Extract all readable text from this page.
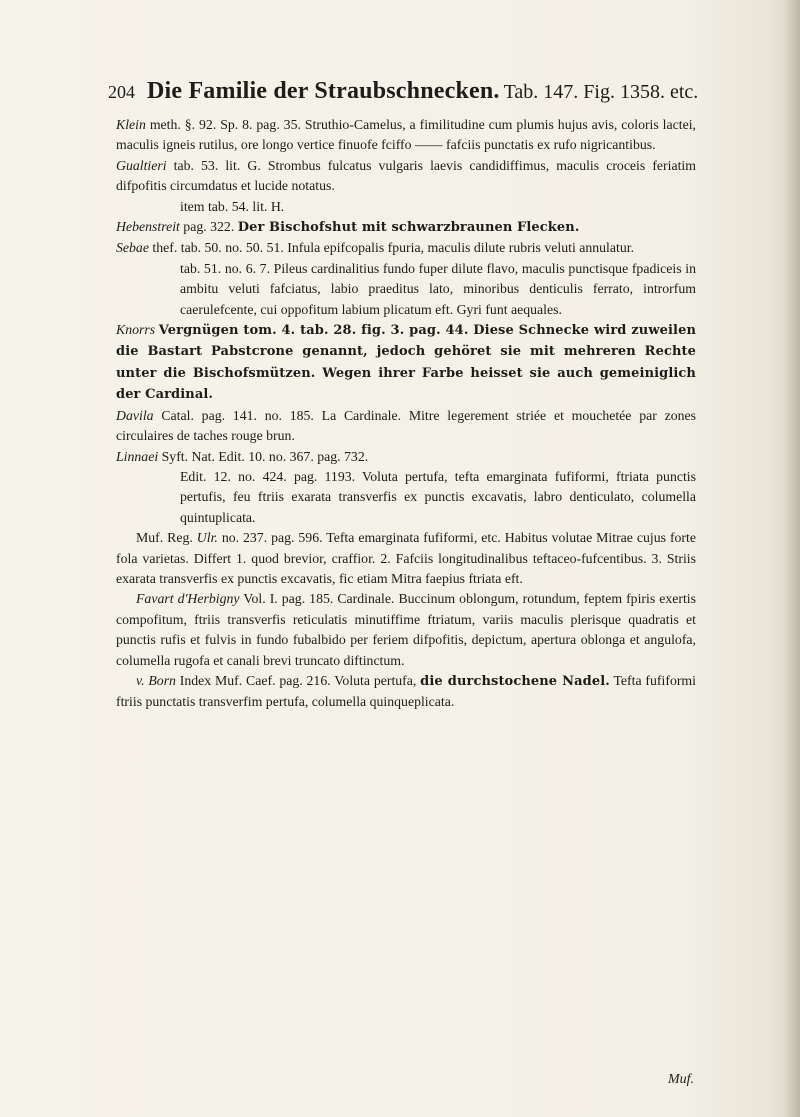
204 Die Familie der Straubschnecken. Tab. 147. Fig. 1358. etc.

Klein meth. §. 92. Sp. 8. pag. 35. Struthio-Camelus, a fimilitudine cum plumis hujus avis, coloris lactei, maculis igneis rutilus, ore longo vertice finuofe fciffo —— fafciis punctatis ex rufo nigricantibus.

Gualtieri tab. 53. lit. G. Strombus fulcatus vulgaris laevis candidiffimus, maculis croceis feriatim difpofitis circumdatus et lucide notatus.

item tab. 54. lit. H.

Hebenstreit pag. 322. Der Bischofshut mit schwarzbraunen Flecken.

Sebae thef. tab. 50. no. 50. 51. Infula epifcopalis fpuria, maculis dilute rubris veluti annulatur.

tab. 51. no. 6. 7. Pileus cardinalitius fundo fuper dilute flavo, maculis punctisque fpadiceis in ambitu veluti fafciatus, labio praeditus lato, minoribus denticulis ferrato, introrfum caerulefcente, cui oppofitum labium plicatum eft. Gyri funt aequales.

Knorrs Vergnügen tom. 4. tab. 28. fig. 3. pag. 44. Diese Schnecke wird zuweilen die Bastart Pabstcrone genannt, jedoch gehöret sie mit mehreren Rechte unter die Bischofsmützen. Wegen ihrer Farbe heisset sie auch gemeiniglich der Cardinal.

Davila Catal. pag. 141. no. 185. La Cardinale. Mitre legerement striée et mouchetée par zones circulaires de taches rouge brun.

Linnaei Syft. Nat. Edit. 10. no. 367. pag. 732.

Edit. 12. no. 424. pag. 1193. Voluta pertufa, tefta emarginata fufiformi, ftriata punctis pertufis, feu ftriis exarata transverfis ex punctis excavatis, labro denticulato, columella quintuplicata.

Muf. Reg. Ulr. no. 237. pag. 596. Tefta emarginata fufiformi, etc. Habitus volutae Mitrae cujus forte fola varietas. Differt 1. quod brevior, craffior. 2. Fafciis longitudinalibus teftaceo-fufcentibus. 3. Striis exarata transverfis ex punctis excavatis, fic etiam Mitra faepius ftriata eft.

Favart d'Herbigny Vol. I. pag. 185. Cardinale. Buccinum oblongum, rotundum, feptem fpiris exertis compofitum, ftriis transverfis reticulatis minutiffime ftriatum, variis maculis plerisque quadratis et punctis rufis et fulvis in fundo fubalbido per feriem difpofitis, depictum, apertura oblonga et angulofa, columella rugofa et canali brevi truncato diftinctum.

v. Born Index Muf. Caef. pag. 216. Voluta pertufa, die durchstochene Nadel. Tefta fufiformi ftriis punctatis transverfim pertufa, columella quinqueplicata.

Muf.
